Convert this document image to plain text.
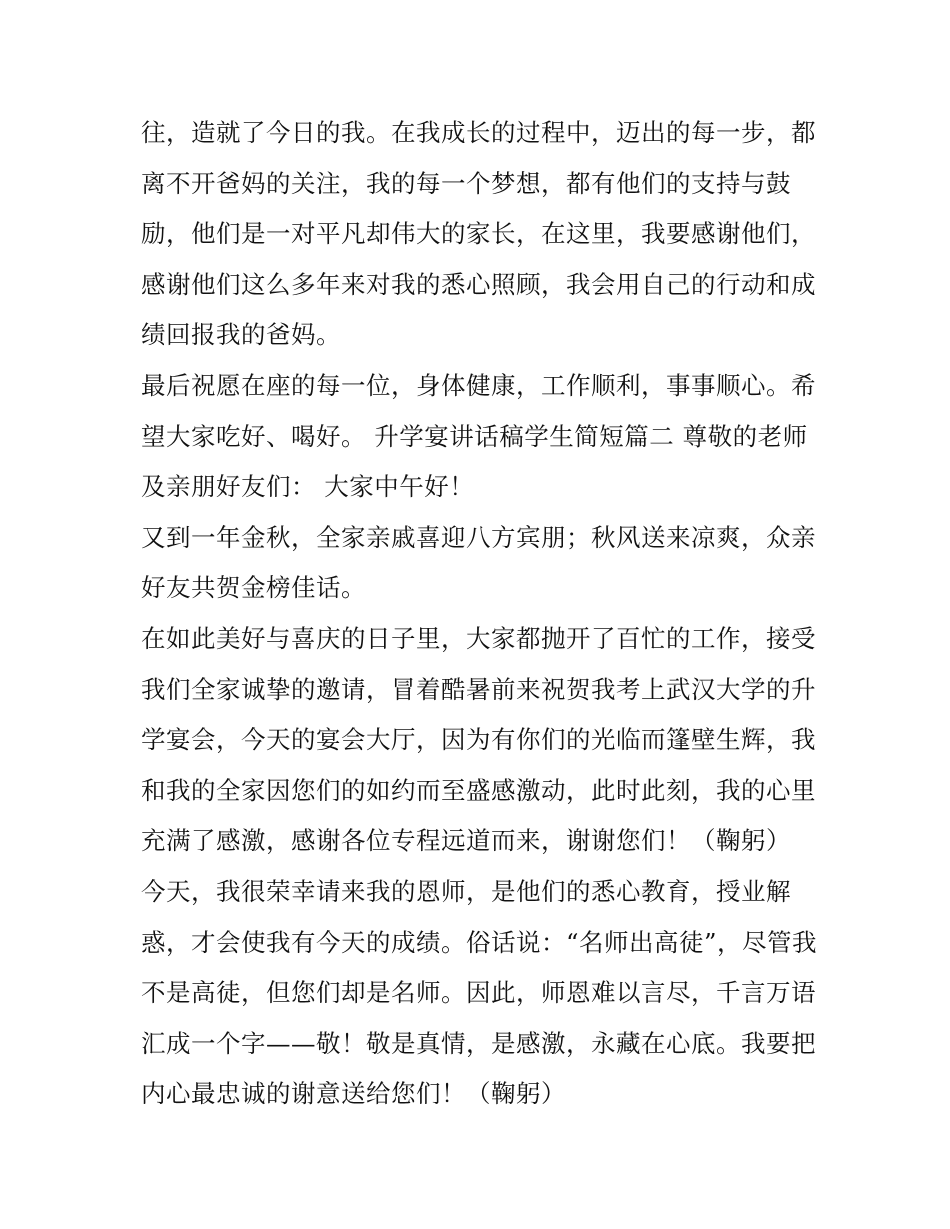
往，造就了今日的我。在我成长的过程中，迈出的每一步，都
离不开爸妈的关注，我的每一个梦想，都有他们的支持与鼓
励，他们是一对平凡却伟大的家长，在这里，我要感谢他们，
感谢他们这么多年来对我的悉心照顾，我会用自己的行动和成
绩回报我的爸妈。
最后祝愿在座的每一位，身体健康，工作顺利，事事顺心。希
望大家吃好、喝好。 升学宴讲话稿学生简短篇二 尊敬的老师
及亲朋好友们： 大家中午好！
又到一年金秋，全家亲戚喜迎八方宾朋；秋风送来凉爽，众亲
好友共贺金榜佳话。
在如此美好与喜庆的日子里，大家都抛开了百忙的工作，接受
我们全家诚挚的邀请，冒着酷暑前来祝贺我考上武汉大学的升
学宴会，今天的宴会大厅，因为有你们的光临而篷壁生辉，我
和我的全家因您们的如约而至盛感激动，此时此刻，我的心里
充满了感激，感谢各位专程远道而来，谢谢您们！（鞠躬）
今天，我很荣幸请来我的恩师，是他们的悉心教育，授业解
惑，才会使我有今天的成绩。俗话说：“名师出高徒”，尽管我
不是高徒，但您们却是名师。因此，师恩难以言尽，千言万语
汇成一个字——敬！敬是真情，是感激，永藏在心底。我要把
内心最忠诚的谢意送给您们！（鞠躬）
